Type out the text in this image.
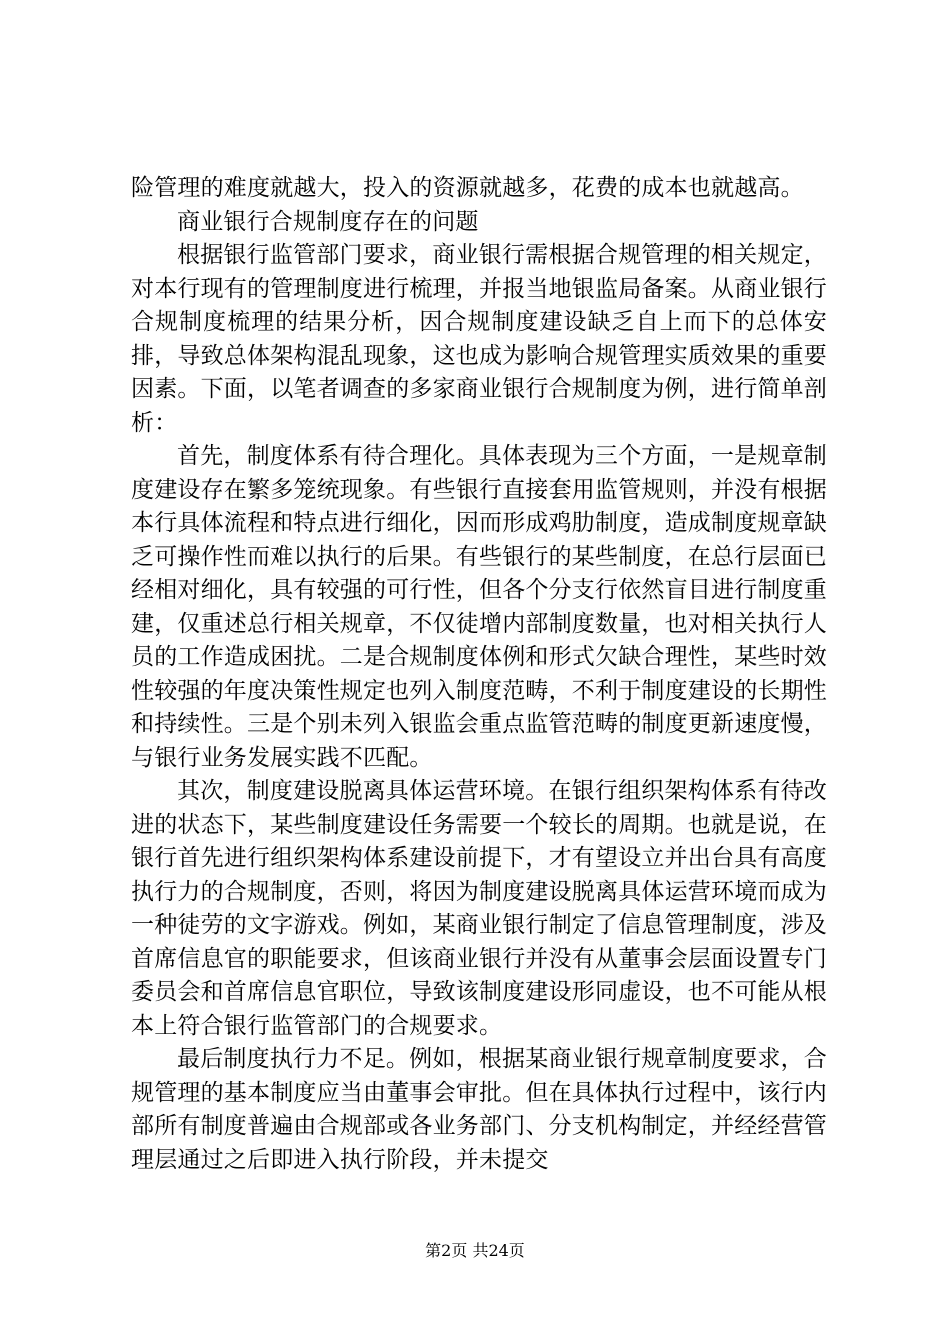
险管理的难度就越大，投入的资源就越多，花费的成本也就越高。

商业银行合规制度存在的问题

根据银行监管部门要求，商业银行需根据合规管理的相关规定，对本行现有的管理制度进行梳理，并报当地银监局备案。从商业银行合规制度梳理的结果分析，因合规制度建设缺乏自上而下的总体安排，导致总体架构混乱现象，这也成为影响合规管理实质效果的重要因素。下面，以笔者调查的多家商业银行合规制度为例，进行简单剖析：

首先，制度体系有待合理化。具体表现为三个方面，一是规章制度建设存在繁多笼统现象。有些银行直接套用监管规则，并没有根据本行具体流程和特点进行细化，因而形成鸡肋制度，造成制度规章缺乏可操作性而难以执行的后果。有些银行的某些制度，在总行层面已经相对细化，具有较强的可行性，但各个分支行依然盲目进行制度重建，仅重述总行相关规章，不仅徒增内部制度数量，也对相关执行人员的工作造成困扰。二是合规制度体例和形式欠缺合理性，某些时效性较强的年度决策性规定也列入制度范畴，不利于制度建设的长期性和持续性。三是个别未列入银监会重点监管范畴的制度更新速度慢，与银行业务发展实践不匹配。

其次，制度建设脱离具体运营环境。在银行组织架构体系有待改进的状态下，某些制度建设任务需要一个较长的周期。也就是说，在银行首先进行组织架构体系建设前提下，才有望设立并出台具有高度执行力的合规制度，否则，将因为制度建设脱离具体运营环境而成为一种徒劳的文字游戏。例如，某商业银行制定了信息管理制度，涉及首席信息官的职能要求，但该商业银行并没有从董事会层面设置专门委员会和首席信息官职位，导致该制度建设形同虚设，也不可能从根本上符合银行监管部门的合规要求。

最后制度执行力不足。例如，根据某商业银行规章制度要求，合规管理的基本制度应当由董事会审批。但在具体执行过程中，该行内部所有制度普遍由合规部或各业务部门、分支机构制定，并经经营管理层通过之后即进入执行阶段，并未提交

第2页 共24页
